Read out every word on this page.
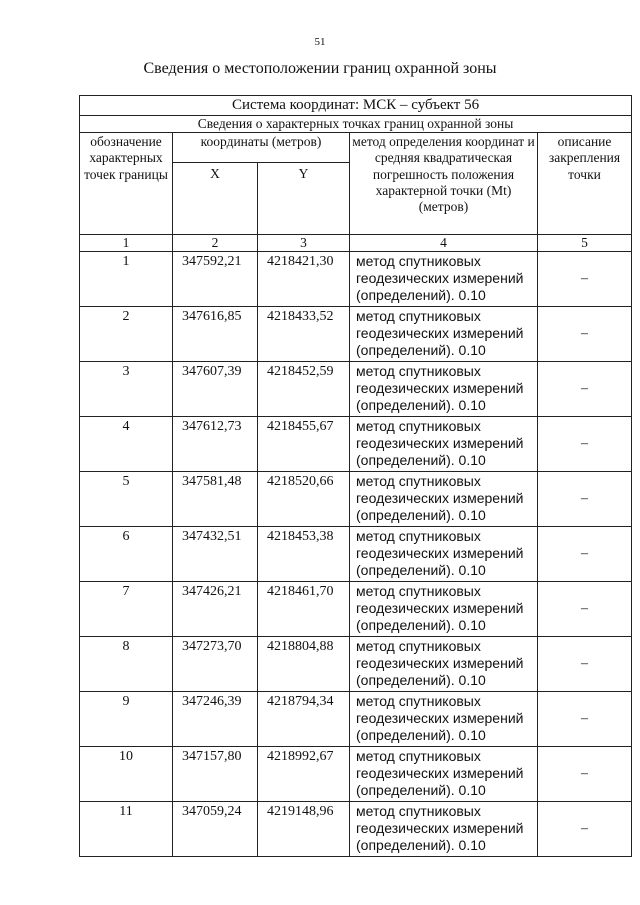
51
Сведения о местоположении границ охранной зоны
Система координат: МСК – субъект 56				
Сведения о характерных точках границ охранной зоны				
обозначение характерных точек границы	координаты (метров)		метод определения координат и средняя квадратическая погрешность положения характерной точки (Mt) (метров)	описание закрепления точки
	X	Y		
1	2	3	4	5
1	347592,21	4218421,30	метод спутниковых геодезических измерений (определений). 0.10	–
2	347616,85	4218433,52	метод спутниковых геодезических измерений (определений). 0.10	–
3	347607,39	4218452,59	метод спутниковых геодезических измерений (определений). 0.10	–
4	347612,73	4218455,67	метод спутниковых геодезических измерений (определений). 0.10	–
5	347581,48	4218520,66	метод спутниковых геодезических измерений (определений). 0.10	–
6	347432,51	4218453,38	метод спутниковых геодезических измерений (определений). 0.10	–
7	347426,21	4218461,70	метод спутниковых геодезических измерений (определений). 0.10	–
8	347273,70	4218804,88	метод спутниковых геодезических измерений (определений). 0.10	–
9	347246,39	4218794,34	метод спутниковых геодезических измерений (определений). 0.10	–
10	347157,80	4218992,67	метод спутниковых геодезических измерений (определений). 0.10	–
11	347059,24	4219148,96	метод спутниковых геодезических измерений (определений). 0.10	–
